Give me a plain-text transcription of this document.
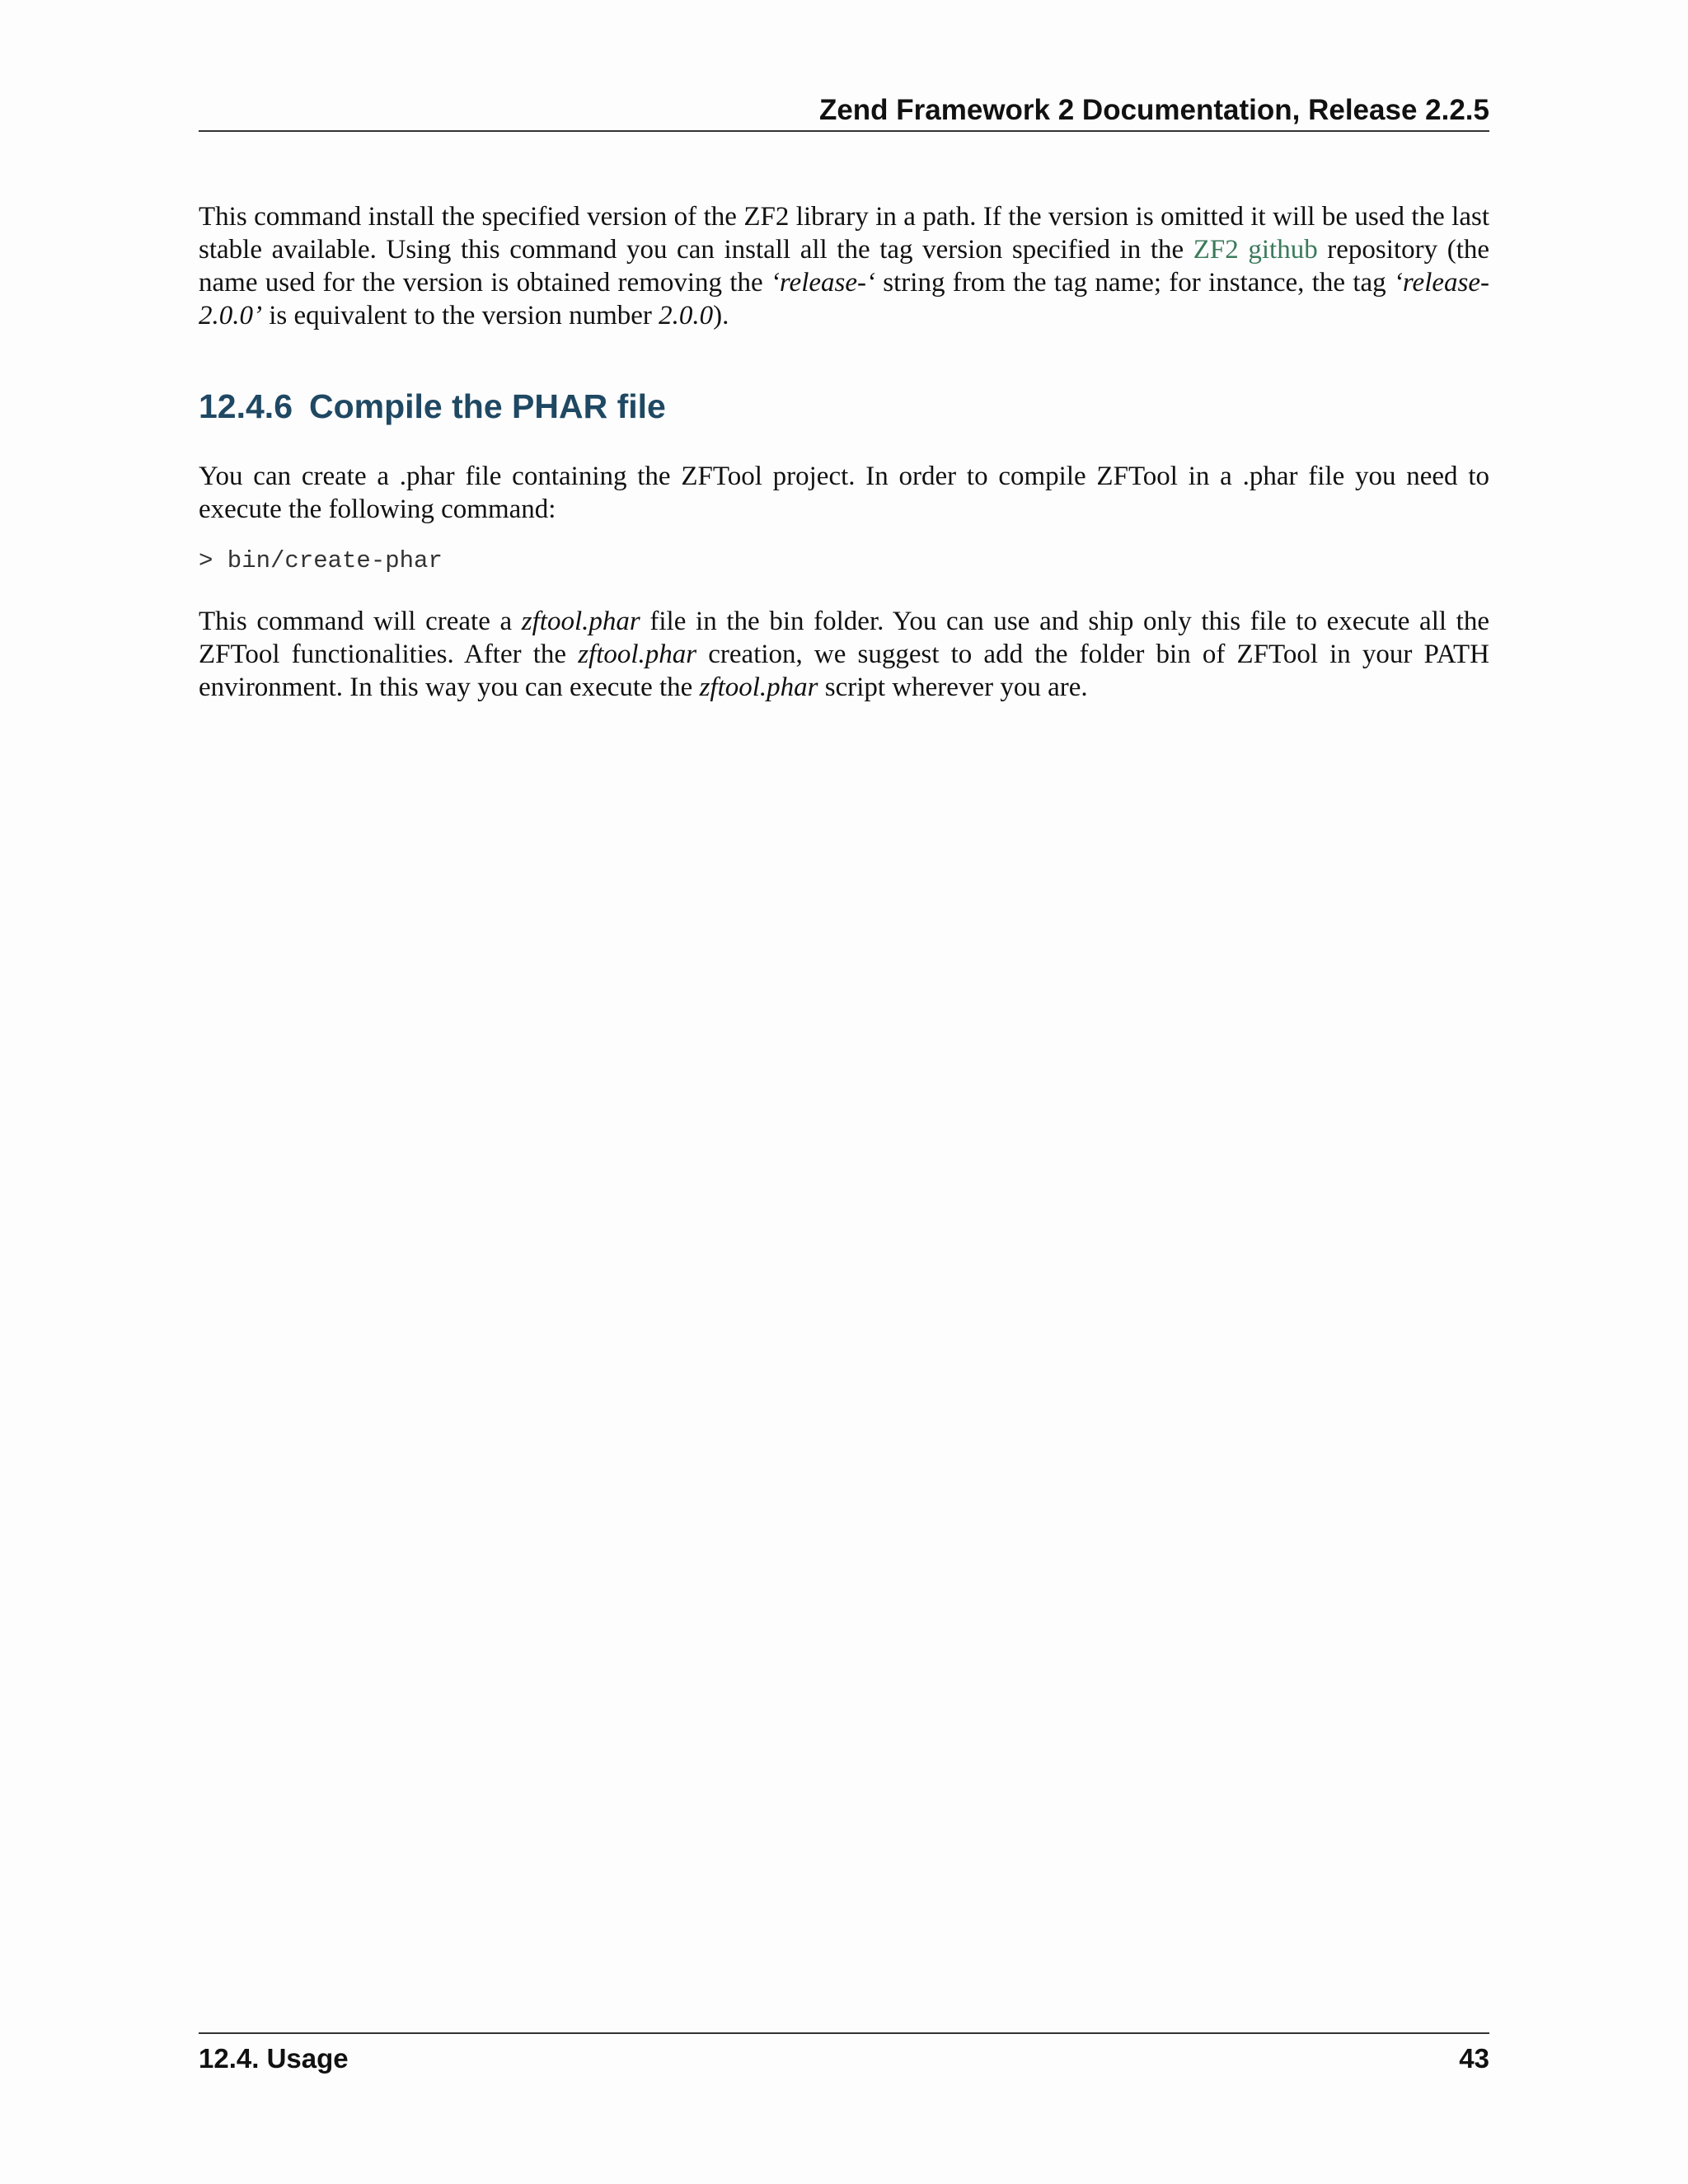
Zend Framework 2 Documentation, Release 2.2.5

This command install the specified version of the ZF2 library in a path. If the version is omitted it will be used the last stable available. Using this command you can install all the tag version specified in the ZF2 github repository (the name used for the version is obtained removing the ‘release-‘ string from the tag name; for instance, the tag ‘release-2.0.0’ is equivalent to the version number 2.0.0).

12.4.6 Compile the PHAR file

You can create a .phar file containing the ZFTool project. In order to compile ZFTool in a .phar file you need to execute the following command:

> bin/create-phar

This command will create a zftool.phar file in the bin folder. You can use and ship only this file to execute all the ZFTool functionalities. After the zftool.phar creation, we suggest to add the folder bin of ZFTool in your PATH environment. In this way you can execute the zftool.phar script wherever you are.

12.4. Usage	43
